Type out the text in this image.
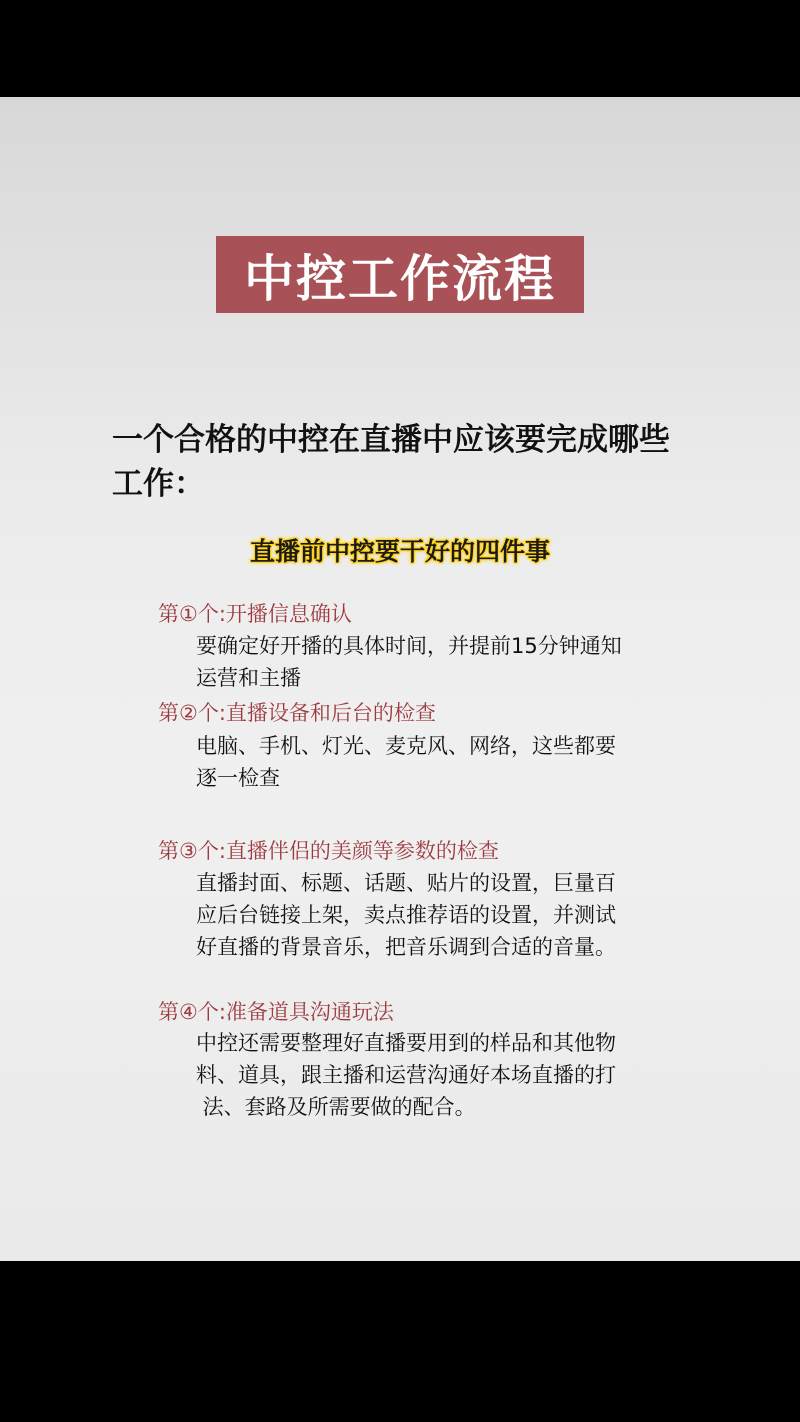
中控工作流程

一个合格的中控在直播中应该要完成哪些
工作：

直播前中控要干好的四件事
第①个:开播信息确认

要确定好开播的具体时间，并提前15分钟通知
运营和主播

第②个:直播设备和后台的检查

电脑、手机、灯光、麦克风、网络，这些都要
逐一检查

第③个:直播伴侣的美颜等参数的检查

直播封面、标题、话题、贴片的设置，巨量百
应后台链接上架，卖点推荐语的设置，并测试
好直播的背景音乐，把音乐调到合适的音量。

第④个:准备道具沟通玩法

中控还需要整理好直播要用到的样品和其他物
料、道具，跟主播和运营沟通好本场直播的打
法、套路及所需要做的配合。
